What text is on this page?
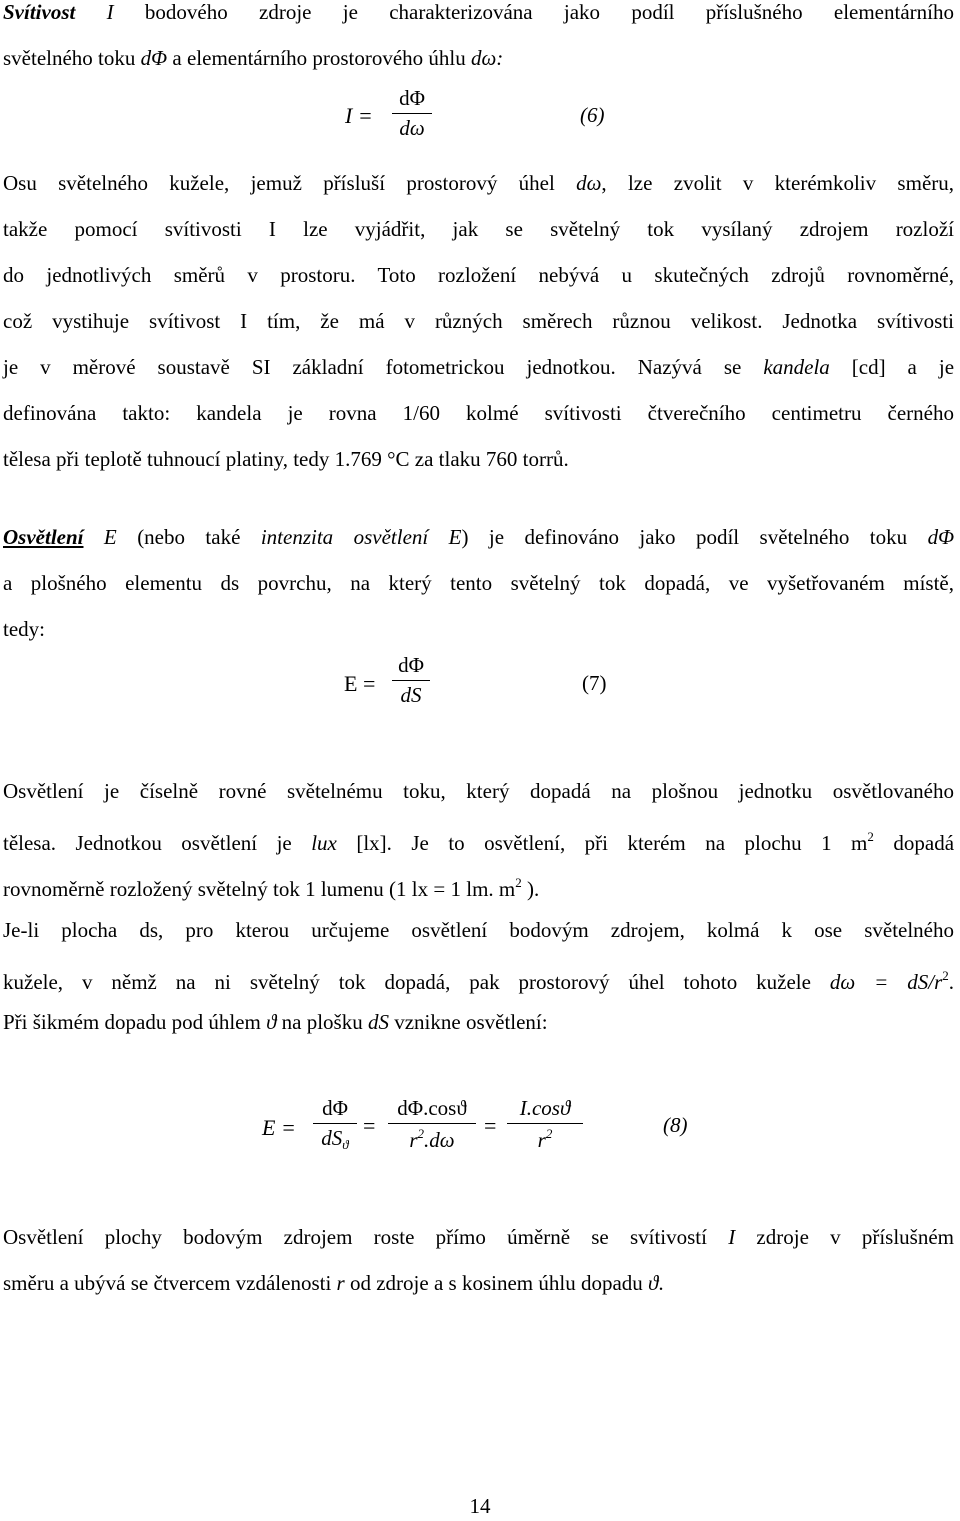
Svítivost I bodového zdroje je charakterizována jako podíl příslušného elementárního
světelného toku dΦ a elementárního prostorového úhlu dω:
I =
dΦ
dω
(6)
Osu světelného kužele, jemuž přísluší prostorový úhel dω, lze zvolit v kterémkoliv směru,
takže pomocí svítivosti I lze vyjádřit, jak se světelný tok vysílaný zdrojem rozloží
do jednotlivých směrů v prostoru. Toto rozložení nebývá u skutečných zdrojů rovnoměrné,
což vystihuje svítivost I tím, že má v různých směrech různou velikost. Jednotka svítivosti
je v měrové soustavě SI základní fotometrickou jednotkou. Nazývá se kandela [cd] a je
definována takto: kandela je rovna 1/60 kolmé svítivosti čtverečního centimetru černého
tělesa při teplotě tuhnoucí platiny, tedy 1.769 °C za tlaku 760 torrů.
Osvětlení E (nebo také intenzita osvětlení E) je definováno jako podíl světelného toku dΦ
a plošného elementu ds povrchu, na který tento světelný tok dopadá, ve vyšetřovaném místě,
tedy:
E =
dΦ
dS	(7)
Osvětlení je číselně rovné světelnému toku, který dopadá na plošnou jednotku osvětlovaného
tělesa. Jednotkou osvětlení je lux [lx]. Je to osvětlení, při kterém na plochu 1 $m^2$ dopadá
rovnoměrně rozložený světelný tok 1 lumenu (1 lx = 1 lm. $m^2$ ).
Je-li plocha ds, pro kterou určujeme osvětlení bodovým zdrojem, kolmá k ose světelného
kužele, v němž na ni světelný tok dopadá, pak prostorový úhel tohoto kužele $d\omega = dS/r^2$.
Při šikmém dopadu pod úhlem ϑ na plošku dS vznikne osvětlení:
E =
dΦ
$dS_ϑ$
=
dΦ.cosϑ
$r^2.d\omega$
=
I.cosϑ
$r^2$	(8)
Osvětlení plochy bodovým zdrojem roste přímo úměrně se svítivostí I zdroje v příslušném
směru a ubývá se čtvercem vzdálenosti r od zdroje a s kosinem úhlu dopadu ϑ.
14
